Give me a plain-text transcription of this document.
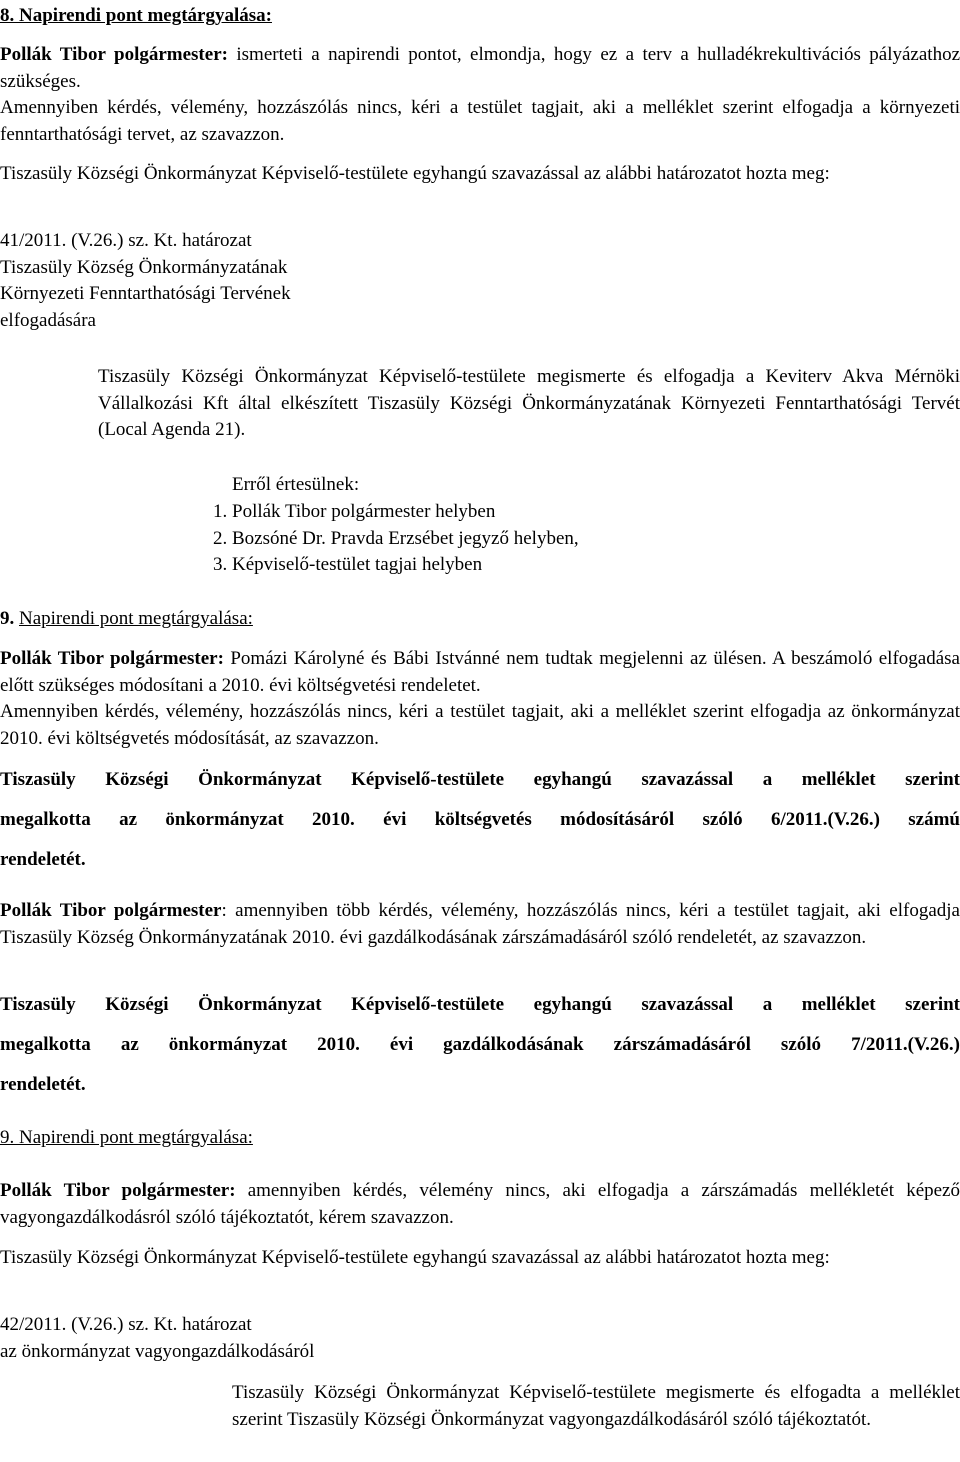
8. Napirendi pont megtárgyalása:

Pollák Tibor polgármester: ismerteti a napirendi pontot, elmondja, hogy ez a terv a hulladékrekultivációs pályázathoz szükséges.

Amennyiben kérdés, vélemény, hozzászólás nincs, kéri a testület tagjait, aki a melléklet szerint elfogadja a környezeti fenntarthatósági tervet, az szavazzon.

Tiszasüly Községi Önkormányzat Képviselő-testülete egyhangú szavazással az alábbi határozatot hozta meg:

41/2011. (V.26.) sz. Kt. határozat
Tiszasüly Község Önkormányzatának
Környezeti Fenntarthatósági Tervének
elfogadására

Tiszasüly Községi Önkormányzat Képviselő-testülete megismerte és elfogadja a Keviterv Akva Mérnöki Vállalkozási Kft által elkészített Tiszasüly Községi Önkormányzatának Környezeti Fenntarthatósági Tervét (Local Agenda 21).

Erről értesülnek:
1. Pollák Tibor polgármester helyben
2. Bozsóné Dr. Pravda Erzsébet jegyző helyben,
3. Képviselő-testület tagjai helyben

9. Napirendi pont megtárgyalása:

Pollák Tibor polgármester: Pomázi Károlyné és Bábi Istvánné nem tudtak megjelenni az ülésen. A beszámoló elfogadása előtt szükséges módosítani a 2010. évi költségvetési rendeletet.

Amennyiben kérdés, vélemény, hozzászólás nincs, kéri a testület tagjait, aki a melléklet szerint elfogadja az önkormányzat 2010. évi költségvetés módosítását, az szavazzon.

Tiszasüly Községi Önkormányzat Képviselő-testülete egyhangú szavazással a melléklet szerint

megalkotta az önkormányzat 2010. évi költségvetés módosításáról szóló 6/2011.(V.26.) számú

rendeletét.

Pollák Tibor polgármester: amennyiben több kérdés, vélemény, hozzászólás nincs, kéri a testület tagjait, aki elfogadja Tiszasüly Község Önkormányzatának 2010. évi gazdálkodásának zárszámadásáról szóló rendeletét, az szavazzon.

Tiszasüly Községi Önkormányzat Képviselő-testülete egyhangú szavazással a melléklet szerint

megalkotta az önkormányzat 2010. évi gazdálkodásának zárszámadásáról szóló 7/2011.(V.26.)

rendeletét.

9. Napirendi pont megtárgyalása:

Pollák Tibor polgármester: amennyiben kérdés, vélemény nincs, aki elfogadja a zárszámadás mellékletét képező vagyongazdálkodásról szóló tájékoztatót, kérem szavazzon.

Tiszasüly Községi Önkormányzat Képviselő-testülete egyhangú szavazással az alábbi határozatot hozta meg:

42/2011. (V.26.) sz. Kt. határozat
az önkormányzat vagyongazdálkodásáról

Tiszasüly Községi Önkormányzat Képviselő-testülete megismerte és elfogadta a melléklet szerint Tiszasüly Községi Önkormányzat vagyongazdálkodásáról szóló tájékoztatót.
